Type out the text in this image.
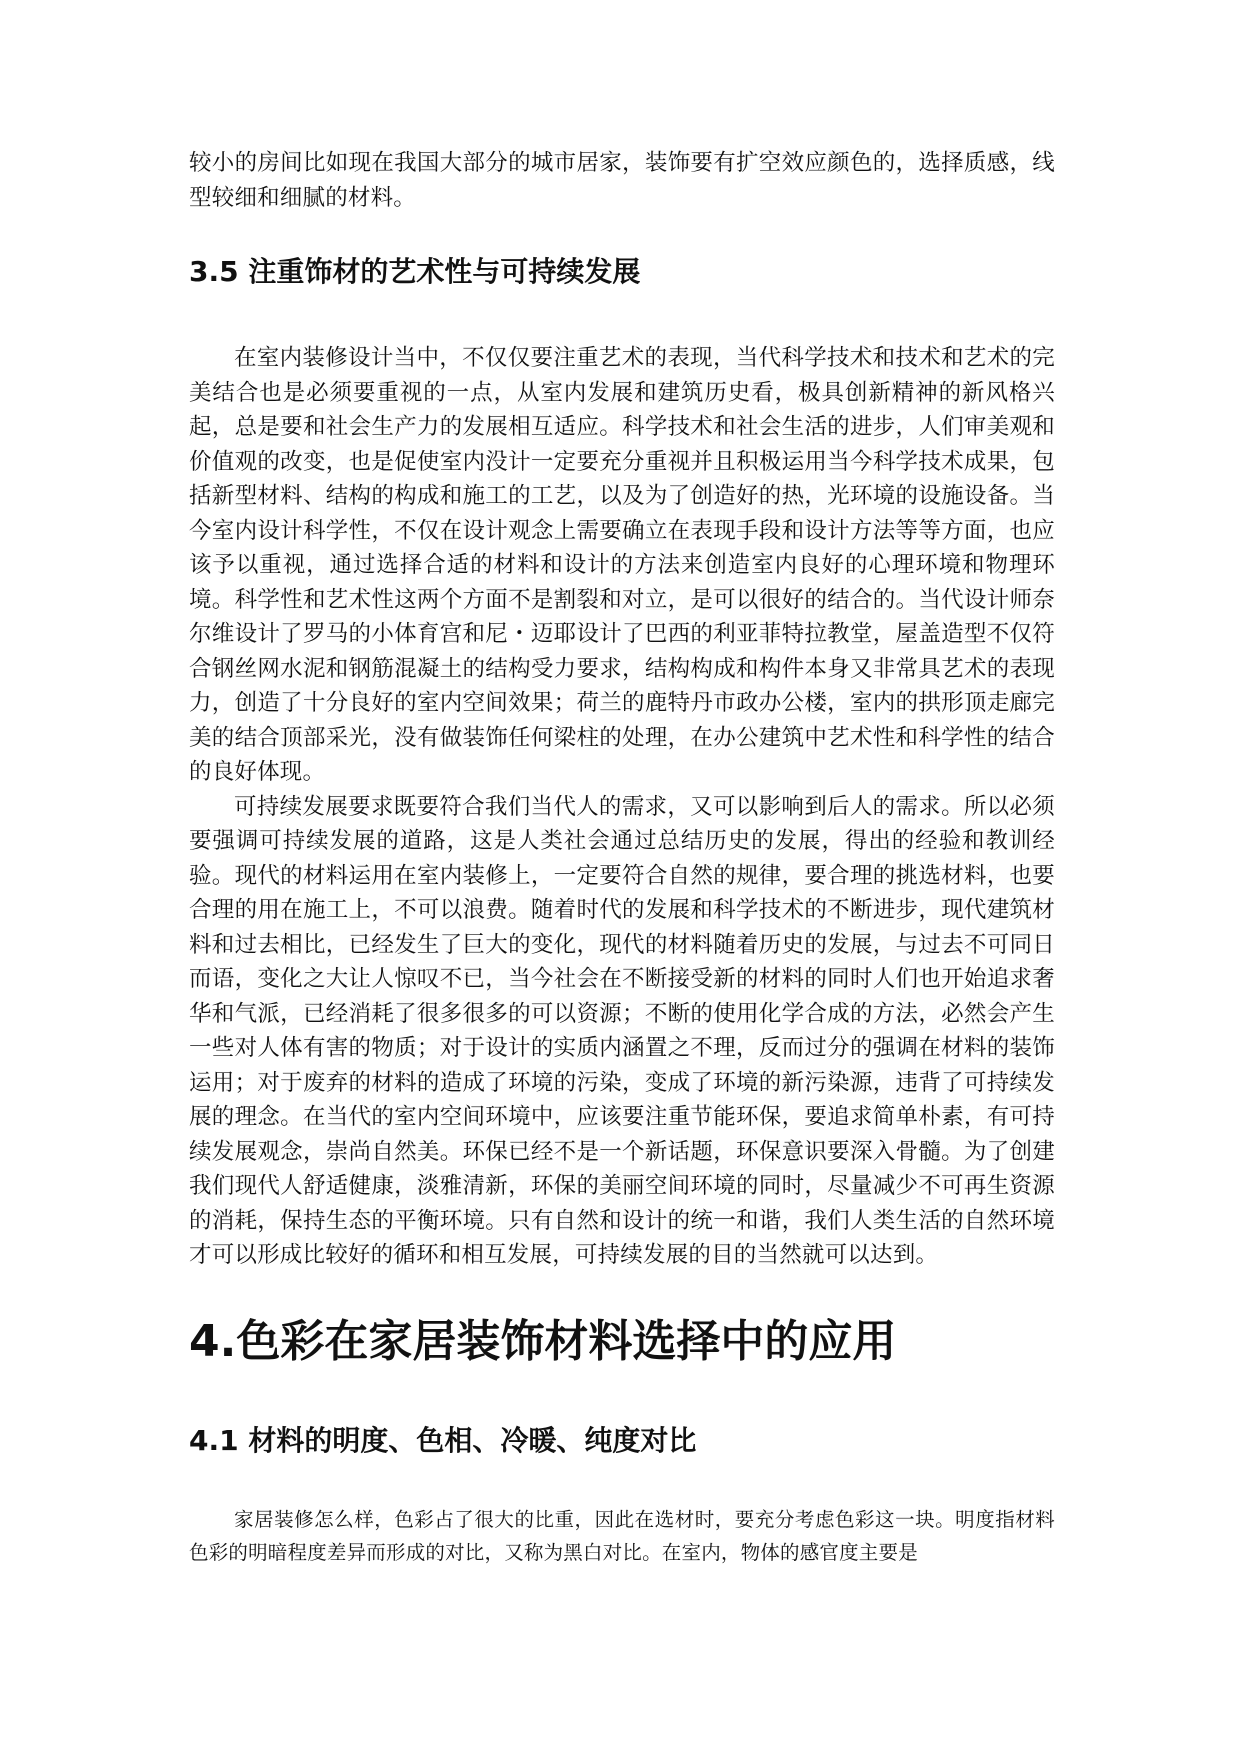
较小的房间比如现在我国大部分的城市居家，装饰要有扩空效应颜色的，选择质感，线型较细和细腻的材料。

3.5 注重饰材的艺术性与可持续发展

在室内装修设计当中，不仅仅要注重艺术的表现，当代科学技术和技术和艺术的完美结合也是必须要重视的一点，从室内发展和建筑历史看，极具创新精神的新风格兴起，总是要和社会生产力的发展相互适应。科学技术和社会生活的进步，人们审美观和价值观的改变，也是促使室内没计一定要充分重视并且积极运用当今科学技术成果，包括新型材料、结构的构成和施工的工艺，以及为了创造好的热，光环境的设施设备。当今室内设计科学性，不仅在设计观念上需要确立在表现手段和设计方法等等方面，也应该予以重视，通过选择合适的材料和设计的方法来创造室内良好的心理环境和物理环境。科学性和艺术性这两个方面不是割裂和对立，是可以很好的结合的。当代设计师奈尔维设计了罗马的小体育宫和尼・迈耶设计了巴西的利亚菲特拉教堂，屋盖造型不仅符合钢丝网水泥和钢筋混凝土的结构受力要求，结构构成和构件本身又非常具艺术的表现力，创造了十分良好的室内空间效果；荷兰的鹿特丹市政办公楼，室内的拱形顶走廊完美的结合顶部采光，没有做装饰任何梁柱的处理，在办公建筑中艺术性和科学性的结合的良好体现。

可持续发展要求既要符合我们当代人的需求，又可以影响到后人的需求。所以必须要强调可持续发展的道路，这是人类社会通过总结历史的发展，得出的经验和教训经验。现代的材料运用在室内装修上，一定要符合自然的规律，要合理的挑选材料，也要合理的用在施工上，不可以浪费。随着时代的发展和科学技术的不断进步，现代建筑材料和过去相比，已经发生了巨大的变化，现代的材料随着历史的发展，与过去不可同日而语，变化之大让人惊叹不已，当今社会在不断接受新的材料的同时人们也开始追求奢华和气派，已经消耗了很多很多的可以资源；不断的使用化学合成的方法，必然会产生一些对人体有害的物质；对于设计的实质内涵置之不理，反而过分的强调在材料的装饰运用；对于废弃的材料的造成了环境的污染，变成了环境的新污染源，违背了可持续发展的理念。在当代的室内空间环境中，应该要注重节能环保，要追求简单朴素，有可持续发展观念，崇尚自然美。环保已经不是一个新话题，环保意识要深入骨髓。为了创建我们现代人舒适健康，淡雅清新，环保的美丽空间环境的同时，尽量减少不可再生资源的消耗，保持生态的平衡环境。只有自然和设计的统一和谐，我们人类生活的自然环境才可以形成比较好的循环和相互发展，可持续发展的目的当然就可以达到。

4.色彩在家居装饰材料选择中的应用
4.1 材料的明度、色相、冷暖、纯度对比

家居装修怎么样，色彩占了很大的比重，因此在选材时，要充分考虑色彩这一块。明度指材料色彩的明暗程度差异而形成的对比，又称为黑白对比。在室内，物体的感官度主要是
